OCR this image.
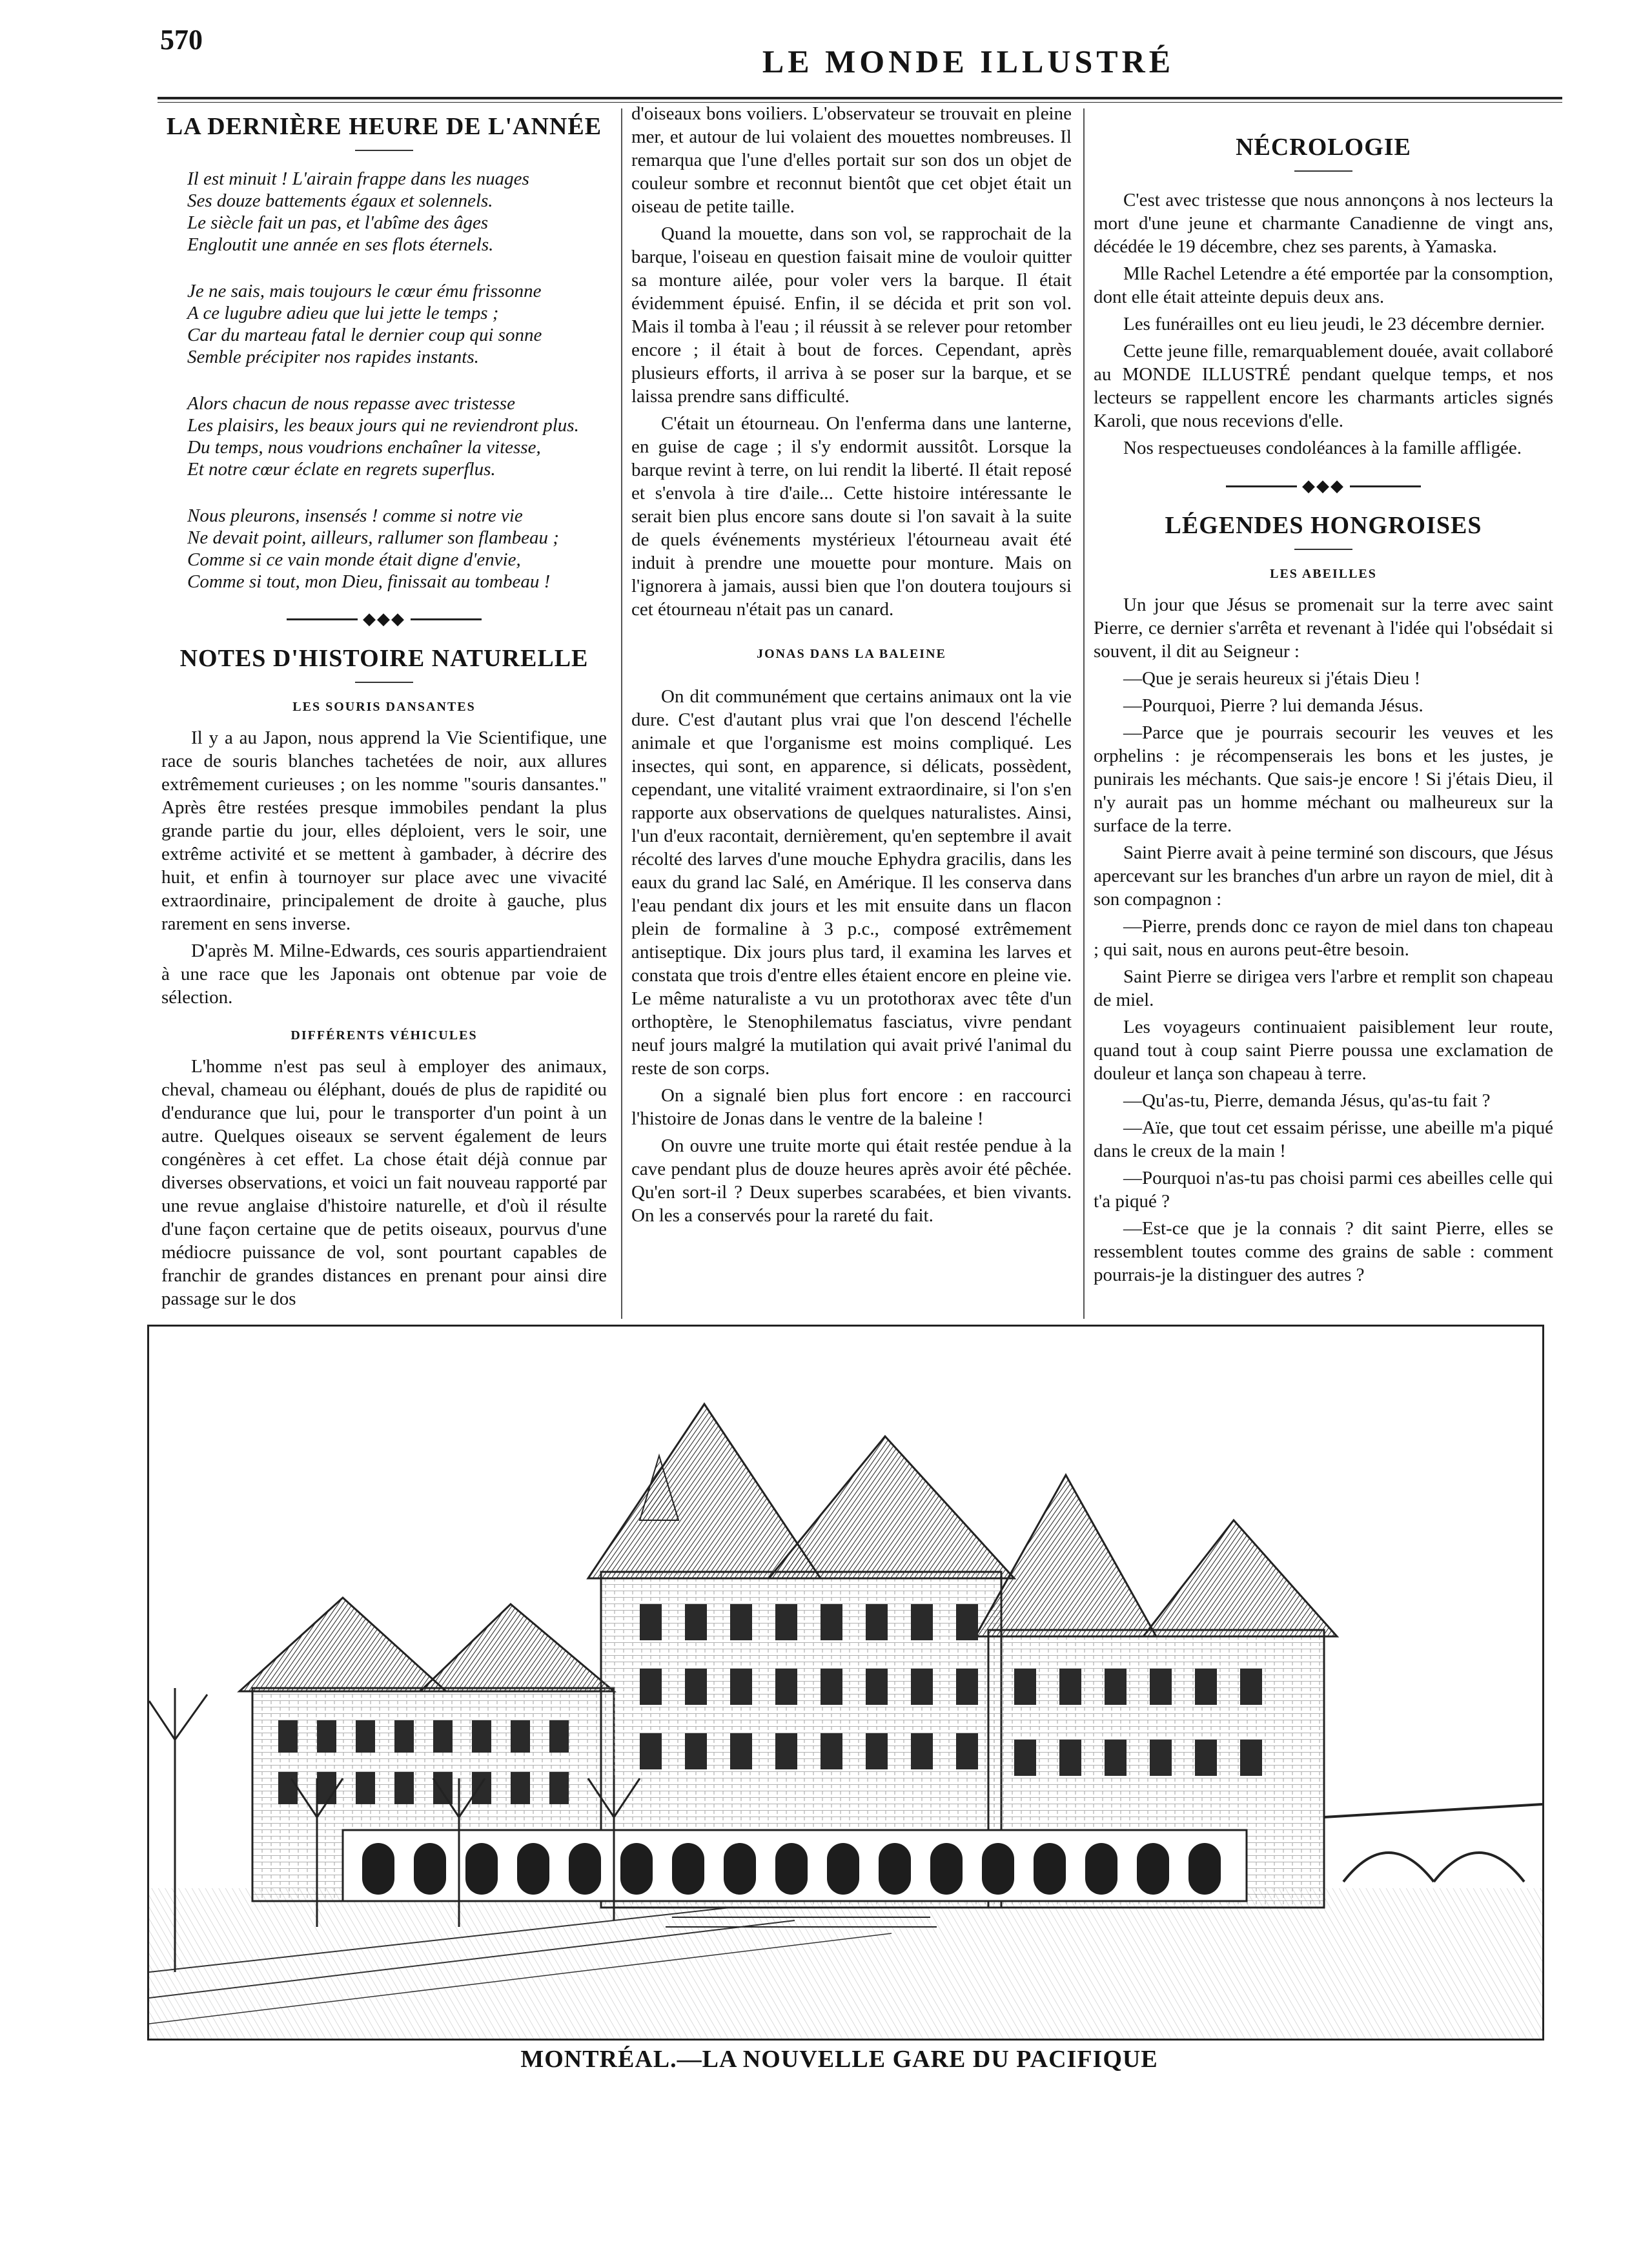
570
LE MONDE ILLUSTRÉ
LA DERNIÈRE HEURE DE L'ANNÉE
Il est minuit ! L'airain frappe dans les nuages
Ses douze battements égaux et solennels.
Le siècle fait un pas, et l'abîme des âges
Engloutit une année en ses flots éternels.
Je ne sais, mais toujours le cœur ému frissonne
A ce lugubre adieu que lui jette le temps ;
Car du marteau fatal le dernier coup qui sonne
Semble précipiter nos rapides instants.
Alors chacun de nous repasse avec tristesse
Les plaisirs, les beaux jours qui ne reviendront plus.
Du temps, nous voudrions enchaîner la vitesse,
Et notre cœur éclate en regrets superflus.
Nous pleurons, insensés ! comme si notre vie
Ne devait point, ailleurs, rallumer son flambeau ;
Comme si ce vain monde était digne d'envie,
Comme si tout, mon Dieu, finissait au tombeau !
◆◆◆
NOTES D'HISTOIRE NATURELLE
LES SOURIS DANSANTES

Il y a au Japon, nous apprend la Vie Scientifique, une race de souris blanches tachetées de noir, aux allures extrêmement curieuses ; on les nomme "souris dansantes." Après être restées presque immobiles pendant la plus grande partie du jour, elles déploient, vers le soir, une extrême activité et se mettent à gambader, à décrire des huit, et enfin à tournoyer sur place avec une vivacité extraordinaire, principalement de droite à gauche, plus rarement en sens inverse.

D'après M. Milne-Edwards, ces souris appartiendraient à une race que les Japonais ont obtenue par voie de sélection.

DIFFÉRENTS VÉHICULES

L'homme n'est pas seul à employer des animaux, cheval, chameau ou éléphant, doués de plus de rapidité ou d'endurance que lui, pour le transporter d'un point à un autre. Quelques oiseaux se servent également de leurs congénères à cet effet. La chose était déjà connue par diverses observations, et voici un fait nouveau rapporté par une revue anglaise d'histoire naturelle, et d'où il résulte d'une façon certaine que de petits oiseaux, pourvus d'une médiocre puissance de vol, sont pourtant capables de franchir de grandes distances en prenant pour ainsi dire passage sur le dos

d'oiseaux bons voiliers. L'observateur se trouvait en pleine mer, et autour de lui volaient des mouettes nombreuses. Il remarqua que l'une d'elles portait sur son dos un objet de couleur sombre et reconnut bientôt que cet objet était un oiseau de petite taille.

Quand la mouette, dans son vol, se rapprochait de la barque, l'oiseau en question faisait mine de vouloir quitter sa monture ailée, pour voler vers la barque. Il était évidemment épuisé. Enfin, il se décida et prit son vol. Mais il tomba à l'eau ; il réussit à se relever pour retomber encore ; il était à bout de forces. Cependant, après plusieurs efforts, il arriva à se poser sur la barque, et se laissa prendre sans difficulté.

C'était un étourneau. On l'enferma dans une lanterne, en guise de cage ; il s'y endormit aussitôt. Lorsque la barque revint à terre, on lui rendit la liberté. Il était reposé et s'envola à tire d'aile... Cette histoire intéressante le serait bien plus encore sans doute si l'on savait à la suite de quels événements mystérieux l'étourneau avait été induit à prendre une mouette pour monture. Mais on l'ignorera à jamais, aussi bien que l'on doutera toujours si cet étourneau n'était pas un canard.

JONAS DANS LA BALEINE

On dit communément que certains animaux ont la vie dure. C'est d'autant plus vrai que l'on descend l'échelle animale et que l'organisme est moins compliqué. Les insectes, qui sont, en apparence, si délicats, possèdent, cependant, une vitalité vraiment extraordinaire, si l'on s'en rapporte aux observations de quelques naturalistes. Ainsi, l'un d'eux racontait, dernièrement, qu'en septembre il avait récolté des larves d'une mouche Ephydra gracilis, dans les eaux du grand lac Salé, en Amérique. Il les conserva dans l'eau pendant dix jours et les mit ensuite dans un flacon plein de formaline à 3 p.c., composé extrêmement antiseptique. Dix jours plus tard, il examina les larves et constata que trois d'entre elles étaient encore en pleine vie. Le même naturaliste a vu un protothorax avec tête d'un orthoptère, le Stenophilematus fasciatus, vivre pendant neuf jours malgré la mutilation qui avait privé l'animal du reste de son corps.

On a signalé bien plus fort encore : en raccourci l'histoire de Jonas dans le ventre de la baleine !

On ouvre une truite morte qui était restée pendue à la cave pendant plus de douze heures après avoir été pêchée. Qu'en sort-il ? Deux superbes scarabées, et bien vivants. On les a conservés pour la rareté du fait.

NÉCROLOGIE

C'est avec tristesse que nous annonçons à nos lecteurs la mort d'une jeune et charmante Canadienne de vingt ans, décédée le 19 décembre, chez ses parents, à Yamaska.

Mlle Rachel Letendre a été emportée par la consomption, dont elle était atteinte depuis deux ans.

Les funérailles ont eu lieu jeudi, le 23 décembre dernier.

Cette jeune fille, remarquablement douée, avait collaboré au MONDE ILLUSTRÉ pendant quelque temps, et nos lecteurs se rappellent encore les charmants articles signés Karoli, que nous recevions d'elle.

Nos respectueuses condoléances à la famille affligée.

◆◆◆
LÉGENDES HONGROISES
LES ABEILLES

Un jour que Jésus se promenait sur la terre avec saint Pierre, ce dernier s'arrêta et revenant à l'idée qui l'obsédait si souvent, il dit au Seigneur :

—Que je serais heureux si j'étais Dieu !

—Pourquoi, Pierre ? lui demanda Jésus.

—Parce que je pourrais secourir les veuves et les orphelins : je récompenserais les bons et les justes, je punirais les méchants. Que sais-je encore ! Si j'étais Dieu, il n'y aurait pas un homme méchant ou malheureux sur la surface de la terre.

Saint Pierre avait à peine terminé son discours, que Jésus apercevant sur les branches d'un arbre un rayon de miel, dit à son compagnon :

—Pierre, prends donc ce rayon de miel dans ton chapeau ; qui sait, nous en aurons peut-être besoin.

Saint Pierre se dirigea vers l'arbre et remplit son chapeau de miel.

Les voyageurs continuaient paisiblement leur route, quand tout à coup saint Pierre poussa une exclamation de douleur et lança son chapeau à terre.

—Qu'as-tu, Pierre, demanda Jésus, qu'as-tu fait ?

—Aïe, que tout cet essaim périsse, une abeille m'a piqué dans le creux de la main !

—Pourquoi n'as-tu pas choisi parmi ces abeilles celle qui t'a piqué ?

—Est-ce que je la connais ? dit saint Pierre, elles se ressemblent toutes comme des grains de sable : comment pourrais-je la distinguer des autres ?

MONTRÉAL.—LA NOUVELLE GARE DU PACIFIQUE
